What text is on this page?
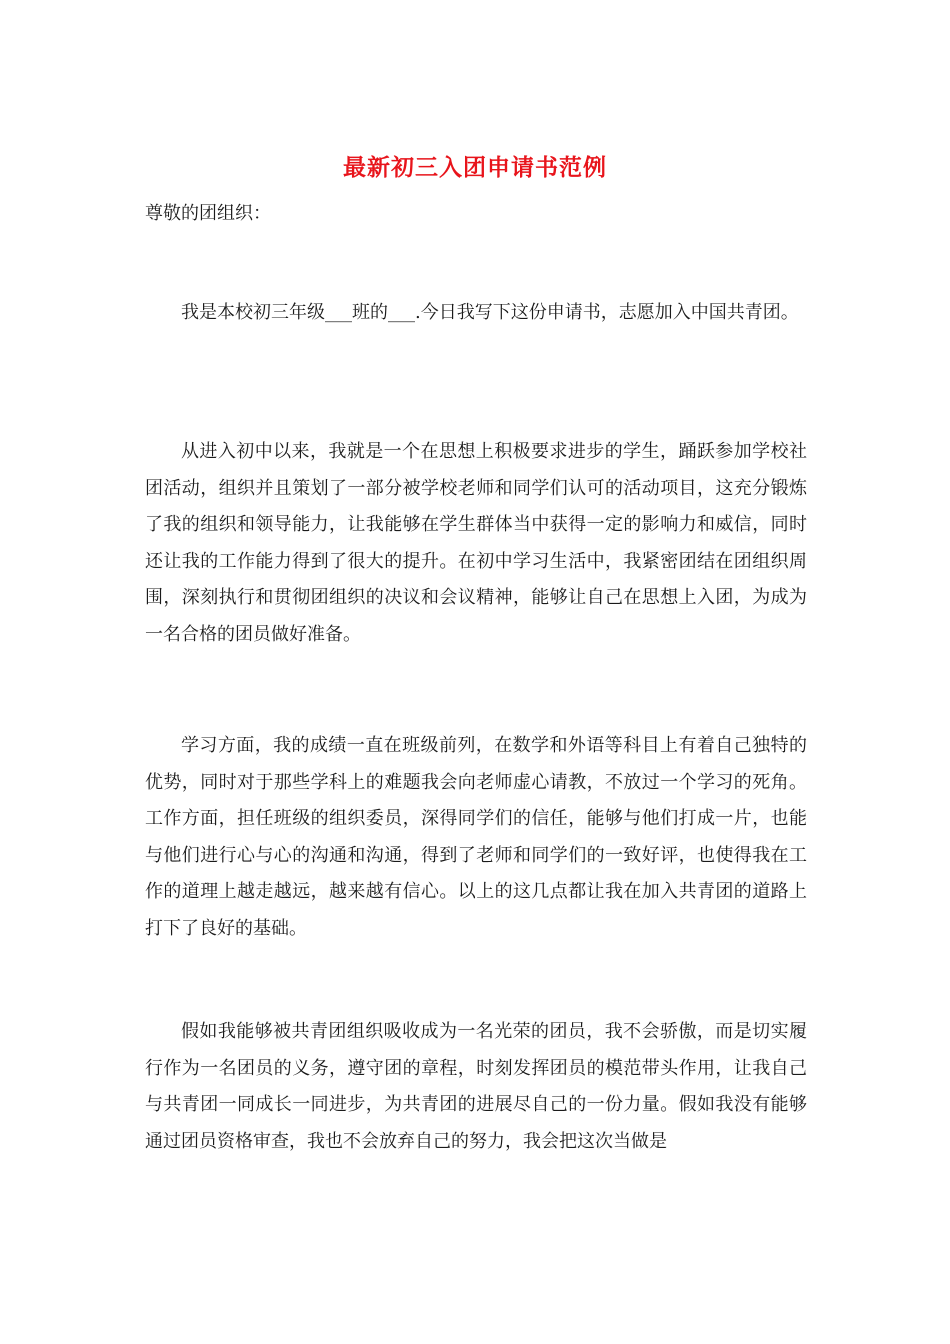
最新初三入团申请书范例

尊敬的团组织：

我是本校初三年级___班的___.今日我写下这份申请书，志愿加入中国共青团。

从进入初中以来，我就是一个在思想上积极要求进步的学生，踊跃参加学校社团活动，组织并且策划了一部分被学校老师和同学们认可的活动项目，这充分锻炼了我的组织和领导能力，让我能够在学生群体当中获得一定的影响力和威信，同时还让我的工作能力得到了很大的提升。在初中学习生活中，我紧密团结在团组织周围，深刻执行和贯彻团组织的决议和会议精神，能够让自己在思想上入团，为成为一名合格的团员做好准备。

学习方面，我的成绩一直在班级前列，在数学和外语等科目上有着自己独特的优势，同时对于那些学科上的难题我会向老师虚心请教，不放过一个学习的死角。工作方面，担任班级的组织委员，深得同学们的信任，能够与他们打成一片，也能与他们进行心与心的沟通和沟通，得到了老师和同学们的一致好评，也使得我在工作的道理上越走越远，越来越有信心。以上的这几点都让我在加入共青团的道路上打下了良好的基础。

假如我能够被共青团组织吸收成为一名光荣的团员，我不会骄傲，而是切实履行作为一名团员的义务，遵守团的章程，时刻发挥团员的模范带头作用，让我自己与共青团一同成长一同进步，为共青团的进展尽自己的一份力量。假如我没有能够通过团员资格审查，我也不会放弃自己的努力，我会把这次当做是
